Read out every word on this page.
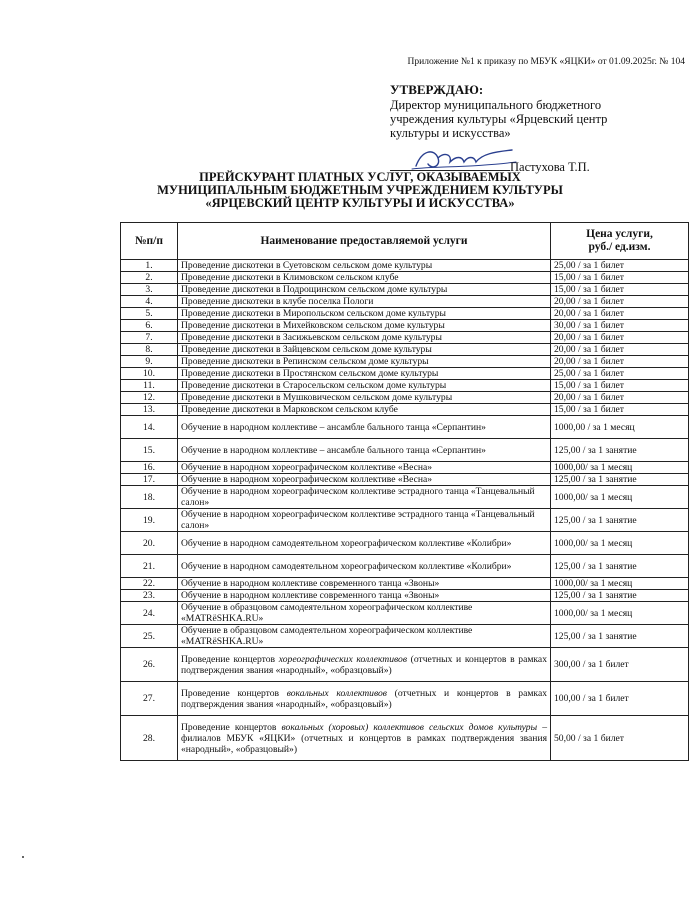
Приложение №1 к приказу по МБУК «ЯЦКИ» от 01.09.2025г. № 104
УТВЕРЖДАЮ:
Директор муниципального бюджетного
учреждения культуры «Ярцевский центр
культуры и искусства»
Пастухова Т.П.
ПРЕЙСКУРАНТ ПЛАТНЫХ УСЛУГ, ОКАЗЫВАЕМЫХ
МУНИЦИПАЛЬНЫМ БЮДЖЕТНЫМ УЧРЕЖДЕНИЕМ КУЛЬТУРЫ
«ЯРЦЕВСКИЙ ЦЕНТР КУЛЬТУРЫ И ИСКУССТВА»
№п/п	Наименование предоставляемой услуги	Цена услуги,
руб./ ед.изм.
1.	Проведение дискотеки в Суетовском сельском доме культуры	25,00 / за 1 билет
2.	Проведение дискотеки в Климовском сельском клубе	15,00 / за 1 билет
3.	Проведение дискотеки в Подрощинском сельском доме культуры	15,00 / за 1 билет
4.	Проведение дискотеки в клубе поселка Пологи	20,00 / за 1 билет
5.	Проведение дискотеки в Миропольском сельском доме культуры	20,00 / за 1 билет
6.	Проведение дискотеки в Михейковском сельском доме культуры	30,00 / за 1 билет
7.	Проведение дискотеки в Засижьевском сельском доме культуры	20,00 / за 1 билет
8.	Проведение дискотеки в Зайцевском сельском доме культуры	20,00 / за 1 билет
9.	Проведение дискотеки в Репинском сельском доме культуры	20,00 / за 1 билет
10.	Проведение дискотеки в Простянском сельском доме культуры	25,00 / за 1 билет
11.	Проведение дискотеки в Старосельском сельском доме культуры	15,00 / за 1 билет
12.	Проведение дискотеки в Мушковическом сельском доме культуры	20,00 / за 1 билет
13.	Проведение дискотеки в Марковском сельском клубе	15,00 / за 1 билет
14.	Обучение в народном коллективе – ансамбле бального танца «Серпантин»	1000,00 / за 1 месяц
15.	Обучение в народном коллективе – ансамбле бального танца «Серпантин»	125,00 / за 1 занятие
16.	Обучение в народном хореографическом коллективе «Весна»	1000,00/ за 1 месяц
17.	Обучение в народном хореографическом коллективе «Весна»	125,00 / за 1 занятие
18.	Обучение в народном хореографическом коллективе эстрадного танца «Танцевальный салон»	1000,00/ за 1 месяц
19.	Обучение в народном хореографическом коллективе эстрадного танца «Танцевальный салон»	125,00 / за 1 занятие
20.	Обучение в народном самодеятельном хореографическом коллективе «Колибри»	1000,00/ за 1 месяц
21.	Обучение в народном самодеятельном хореографическом коллективе «Колибри»	125,00 / за 1 занятие
22.	Обучение в народном коллективе современного танца «Звоны»	1000,00/ за 1 месяц
23.	Обучение в народном коллективе современного танца «Звоны»	125,00 / за 1 занятие
24.	Обучение в образцовом самодеятельном хореографическом коллективе «MATRёSHKA.RU»	1000,00/ за 1 месяц
25.	Обучение в образцовом самодеятельном хореографическом коллективе «MATRёSHKA.RU»	125,00 / за 1 занятие
26.	Проведение концертов хореографических коллективов (отчетных и концертов в рамках подтверждения звания «народный», «образцовый»)	300,00 / за 1 билет
27.	Проведение концертов вокальных коллективов (отчетных и концертов в рамках подтверждения звания «народный», «образцовый»)	100,00 / за 1 билет
28.	Проведение концертов вокальных (хоровых) коллективов сельских домов культуры – филиалов МБУК «ЯЦКИ» (отчетных и концертов в рамках подтверждения звания «народный», «образцовый»)	50,00 / за 1 билет
